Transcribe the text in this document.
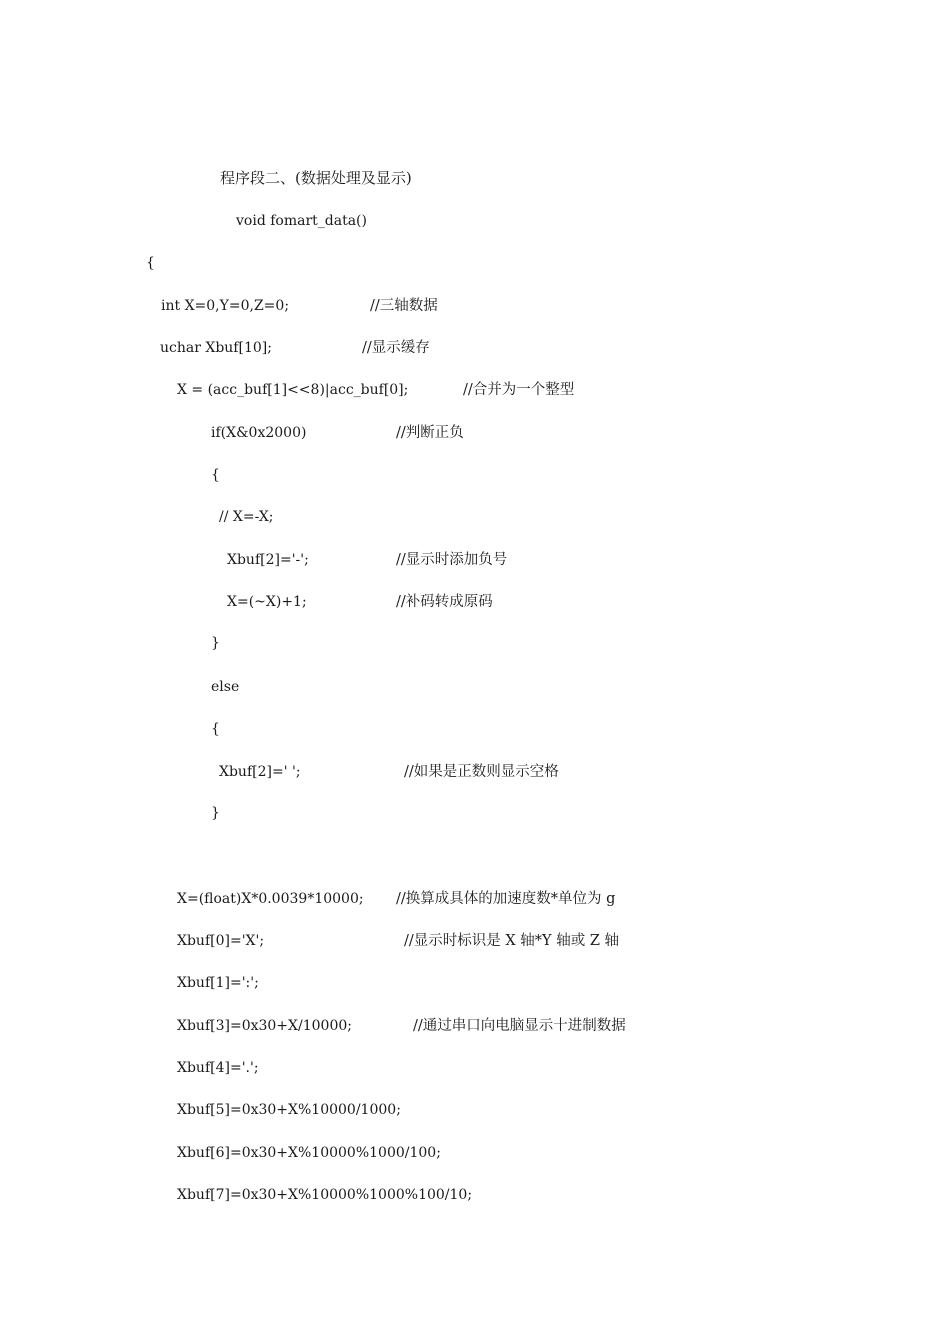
程序段二、(数据处理及显示)
void fomart_data()
{
int X=0,Y=0,Z=0;	//三轴数据
uchar Xbuf[10];	//显示缓存
X = (acc_buf[1]<<8)|acc_buf[0];	//合并为一个整型
if(X&0x2000)	//判断正负
{
// X=-X;
Xbuf[2]='-';	//显示时添加负号
X=(~X)+1;	//补码转成原码
}
else
{
Xbuf[2]=' ';	//如果是正数则显示空格
}
X=(float)X*0.0039*10000; //换算成具体的加速度数*单位为 g
Xbuf[0]='X';	//显示时标识是 X 轴*Y 轴或 Z 轴
Xbuf[1]=':';
Xbuf[3]=0x30+X/10000;	//通过串口向电脑显示十进制数据
Xbuf[4]='.';
Xbuf[5]=0x30+X%10000/1000;
Xbuf[6]=0x30+X%10000%1000/100;
Xbuf[7]=0x30+X%10000%1000%100/10;
